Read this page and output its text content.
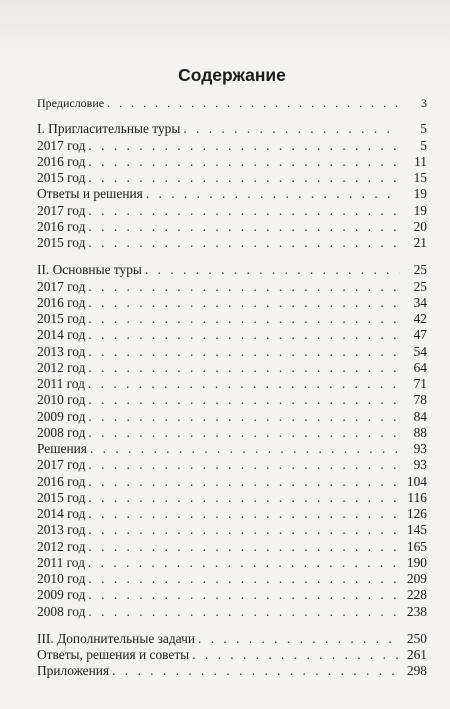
Содержание
Предисловие . . .	3
I. Пригласительные туры . . .	5
2017 год . . .	5
2016 год . . .	11
2015 год . . .	15
Ответы и решения . . .	19
2017 год . . .	19
2016 год . . .	20
2015 год . . .	21
II. Основные туры . . .	25
2017 год . . .	25
2016 год . . .	34
2015 год . . .	42
2014 год . . .	47
2013 год . . .	54
2012 год . . .	64
2011 год . . .	71
2010 год . . .	78
2009 год . . .	84
2008 год . . .	88
Решения . . .	93
2017 год . . .	93
2016 год . . .	104
2015 год . . .	116
2014 год . . .	126
2013 год . . .	145
2012 год . . .	165
2011 год . . .	190
2010 год . . .	209
2009 год . . .	228
2008 год . . .	238
III. Дополнительные задачи . . .	250
Ответы, решения и советы . . .	261
Приложения . . .	298
